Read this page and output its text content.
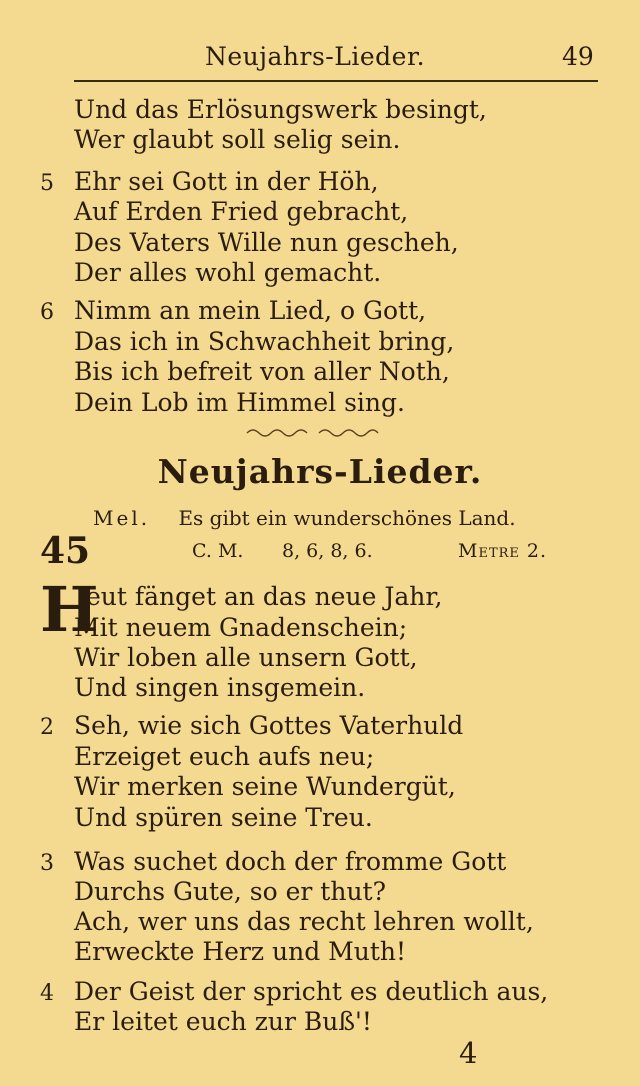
Neujahrs-Lieder.	49
Und das Erlösungswerk besingt,
Wer glaubt soll selig sein.
5 Ehr sei Gott in der Höh,
Auf Erden Fried gebracht,
Des Vaters Wille nun gescheh,
Der alles wohl gemacht.
6 Nimm an mein Lied, o Gott,
Das ich in Schwachheit bring,
Bis ich befreit von aller Noth,
Dein Lob im Himmel sing.
Neujahrs-Lieder.
Mel. Es gibt ein wunderschönes Land.
45	C. M. 8, 6, 8, 6.	Metre 2.
H
eut fänget an das neue Jahr,
Mit neuem Gnadenschein;
Wir loben alle unsern Gott,
Und singen insgemein.
2 Seh, wie sich Gottes Vaterhuld
Erzeiget euch aufs neu;
Wir merken seine Wundergüt,
Und spüren seine Treu.
3 Was suchet doch der fromme Gott
Durchs Gute, so er thut?
Ach, wer uns das recht lehren wollt,
Erweckte Herz und Muth!
4 Der Geist der spricht es deutlich aus,
Er leitet euch zur Buß'!
4
